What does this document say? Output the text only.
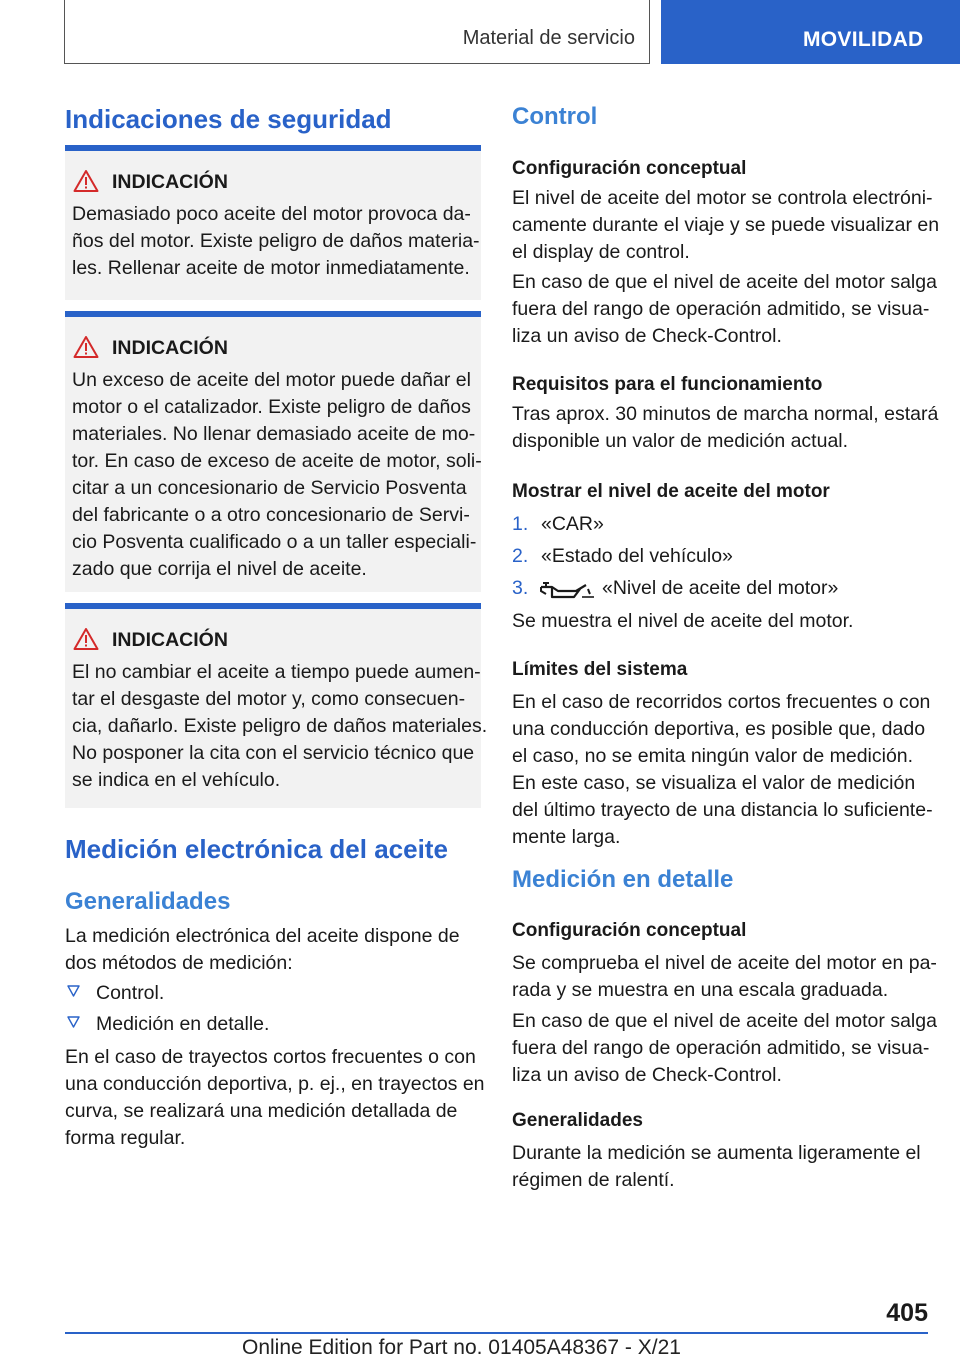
Material de servicio	MOVILIDAD
Indicaciones de seguridad
INDICACIÓN
Demasiado poco aceite del motor provoca da-
ños del motor. Existe peligro de daños materia-
les. Rellenar aceite de motor inmediatamente.
INDICACIÓN
Un exceso de aceite del motor puede dañar el
motor o el catalizador. Existe peligro de daños
materiales. No llenar demasiado aceite de mo-
tor. En caso de exceso de aceite de motor, soli-
citar a un concesionario de Servicio Posventa
del fabricante o a otro concesionario de Servi-
cio Posventa cualificado o a un taller especiali-
zado que corrija el nivel de aceite.
INDICACIÓN
El no cambiar el aceite a tiempo puede aumen-
tar el desgaste del motor y, como consecuen-
cia, dañarlo. Existe peligro de daños materiales.
No posponer la cita con el servicio técnico que
se indica en el vehículo.
Medición electrónica del aceite
Generalidades
La medición electrónica del aceite dispone de
dos métodos de medición:
Control.
Medición en detalle.
En el caso de trayectos cortos frecuentes o con
una conducción deportiva, p. ej., en trayectos en
curva, se realizará una medición detallada de
forma regular.
Control
Configuración conceptual
El nivel de aceite del motor se controla electróni-
camente durante el viaje y se puede visualizar en
el display de control.
En caso de que el nivel de aceite del motor salga
fuera del rango de operación admitido, se visua-
liza un aviso de Check-Control.
Requisitos para el funcionamiento
Tras aprox. 30 minutos de marcha normal, estará
disponible un valor de medición actual.
Mostrar el nivel de aceite del motor
1. «CAR»
2. «Estado del vehículo»
3.	«Nivel de aceite del motor»
Se muestra el nivel de aceite del motor.
Límites del sistema
En el caso de recorridos cortos frecuentes o con
una conducción deportiva, es posible que, dado
el caso, no se emita ningún valor de medición.
En este caso, se visualiza el valor de medición
del último trayecto de una distancia lo suficiente-
mente larga.
Medición en detalle
Configuración conceptual
Se comprueba el nivel de aceite del motor en pa-
rada y se muestra en una escala graduada.
En caso de que el nivel de aceite del motor salga
fuera del rango de operación admitido, se visua-
liza un aviso de Check-Control.
Generalidades
Durante la medición se aumenta ligeramente el
régimen de ralentí.
405
Online Edition for Part no. 01405A48367 - X/21
